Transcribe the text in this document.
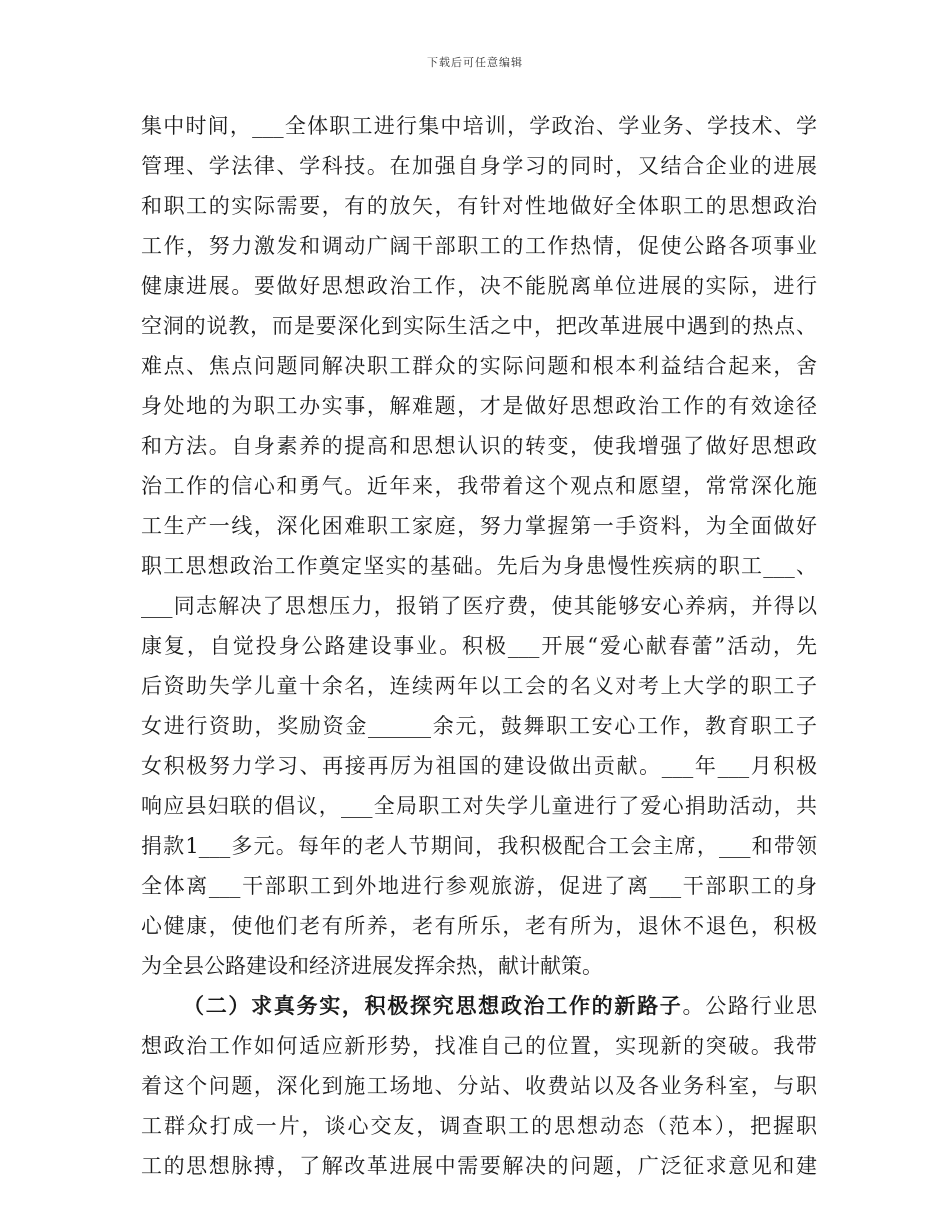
下载后可任意编辑
集中时间，___全体职工进行集中培训，学政治、学业务、学技术、学
管理、学法律、学科技。在加强自身学习的同时，又结合企业的进展
和职工的实际需要，有的放矢，有针对性地做好全体职工的思想政治
工作，努力激发和调动广阔干部职工的工作热情，促使公路各项事业
健康进展。要做好思想政治工作，决不能脱离单位进展的实际，进行
空洞的说教，而是要深化到实际生活之中，把改革进展中遇到的热点、
难点、焦点问题同解决职工群众的实际问题和根本利益结合起来，舍
身处地的为职工办实事，解难题，才是做好思想政治工作的有效途径
和方法。自身素养的提高和思想认识的转变，使我增强了做好思想政
治工作的信心和勇气。近年来，我带着这个观点和愿望，常常深化施
工生产一线，深化困难职工家庭，努力掌握第一手资料，为全面做好
职工思想政治工作奠定坚实的基础。先后为身患慢性疾病的职工___、
___同志解决了思想压力，报销了医疗费，使其能够安心养病，并得以
康复，自觉投身公路建设事业。积极___开展“爱心献春蕾”活动，先
后资助失学儿童十余名，连续两年以工会的名义对考上大学的职工子
女进行资助，奖励资金______余元，鼓舞职工安心工作，教育职工子
女积极努力学习、再接再厉为祖国的建设做出贡献。___年___月积极
响应县妇联的倡议，___全局职工对失学儿童进行了爱心捐助活动，共
捐款1___多元。每年的老人节期间，我积极配合工会主席，___和带领
全体离___干部职工到外地进行参观旅游，促进了离___干部职工的身
心健康，使他们老有所养，老有所乐，老有所为，退休不退色，积极
为全县公路建设和经济进展发挥余热，献计献策。
（二）求真务实，积极探究思想政治工作的新路子。公路行业思
想政治工作如何适应新形势，找准自己的位置，实现新的突破。我带
着这个问题，深化到施工场地、分站、收费站以及各业务科室，与职
工群众打成一片，谈心交友，调查职工的思想动态（范本），把握职
工的思想脉搏，了解改革进展中需要解决的问题，广泛征求意见和建
